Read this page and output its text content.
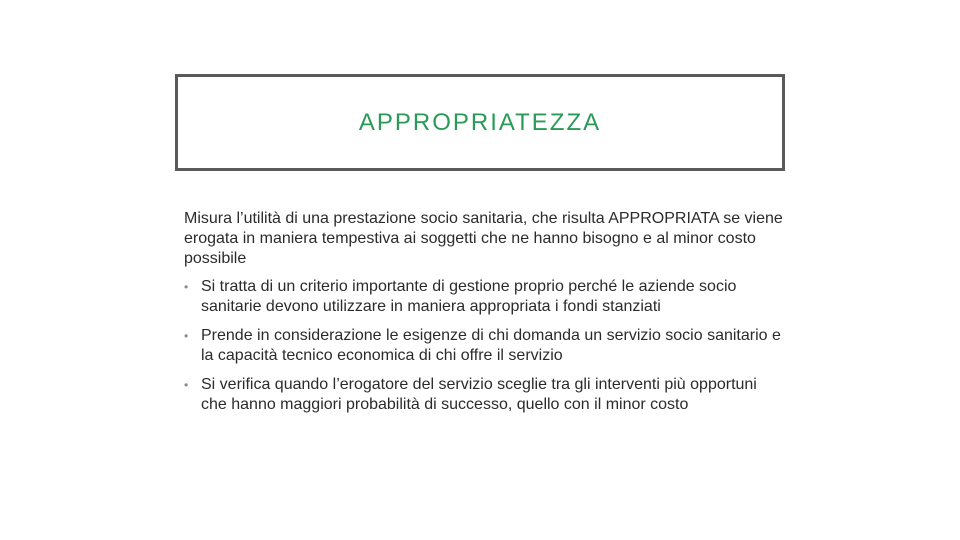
APPROPRIATEZZA

Misura l’utilità di una prestazione socio sanitaria, che risulta APPROPRIATA se viene erogata in maniera tempestiva ai soggetti che ne hanno bisogno e al minor costo possibile

• Si tratta di un criterio importante di gestione proprio perché le aziende socio sanitarie devono utilizzare in maniera appropriata i fondi stanziati
• Prende in considerazione le esigenze di chi domanda un servizio socio sanitario e la capacità tecnico economica di chi offre il servizio
• Si verifica quando l’erogatore del servizio sceglie tra gli interventi più opportuni che hanno maggiori probabilità di successo, quello con il minor costo
